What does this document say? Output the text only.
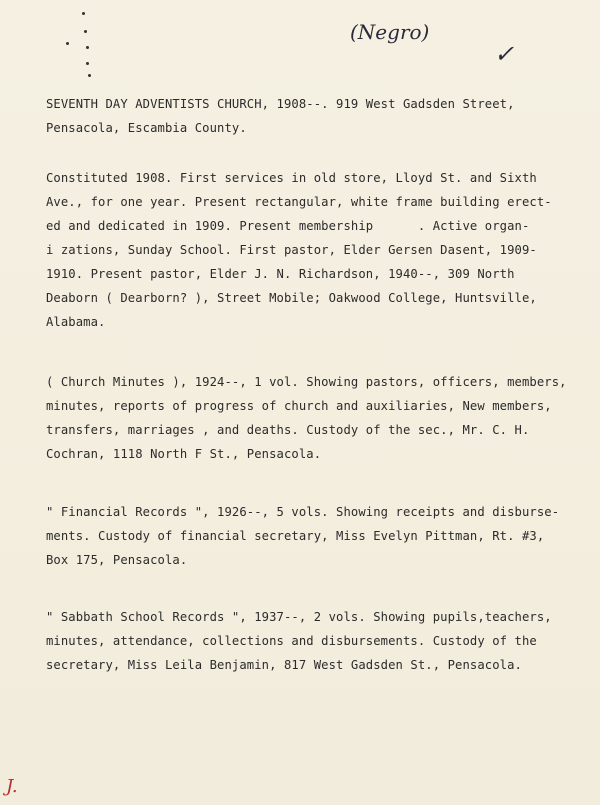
(Negro)
✓
SEVENTH DAY ADVENTISTS CHURCH, 1908--. 919 West Gadsden Street,
Pensacola, Escambia County.
Constituted 1908. First services in old store, Lloyd St. and Sixth
Ave., for one year. Present rectangular, white frame building erect-
ed and dedicated in 1909. Present membership      . Active organ-
i zations, Sunday School. First pastor, Elder Gersen Dasent, 1909-
1910. Present pastor, Elder J. N. Richardson, 1940--, 309 North
Deaborn ( Dearborn? ), Street Mobile; Oakwood College, Huntsville,
Alabama.
( Church Minutes ), 1924--, 1 vol. Showing pastors, officers, members,
minutes, reports of progress of church and auxiliaries, New members,
transfers, marriages , and deaths. Custody of the sec., Mr. C. H.
Cochran, 1118 North F St., Pensacola.
" Financial Records ", 1926--, 5 vols. Showing receipts and disburse-
ments. Custody of financial secretary, Miss Evelyn Pittman, Rt. #3,
Box 175, Pensacola.
" Sabbath School Records ", 1937--, 2 vols. Showing pupils,teachers,
minutes, attendance, collections and disbursements. Custody of the
secretary, Miss Leila Benjamin, 817 West Gadsden St., Pensacola.
J.
